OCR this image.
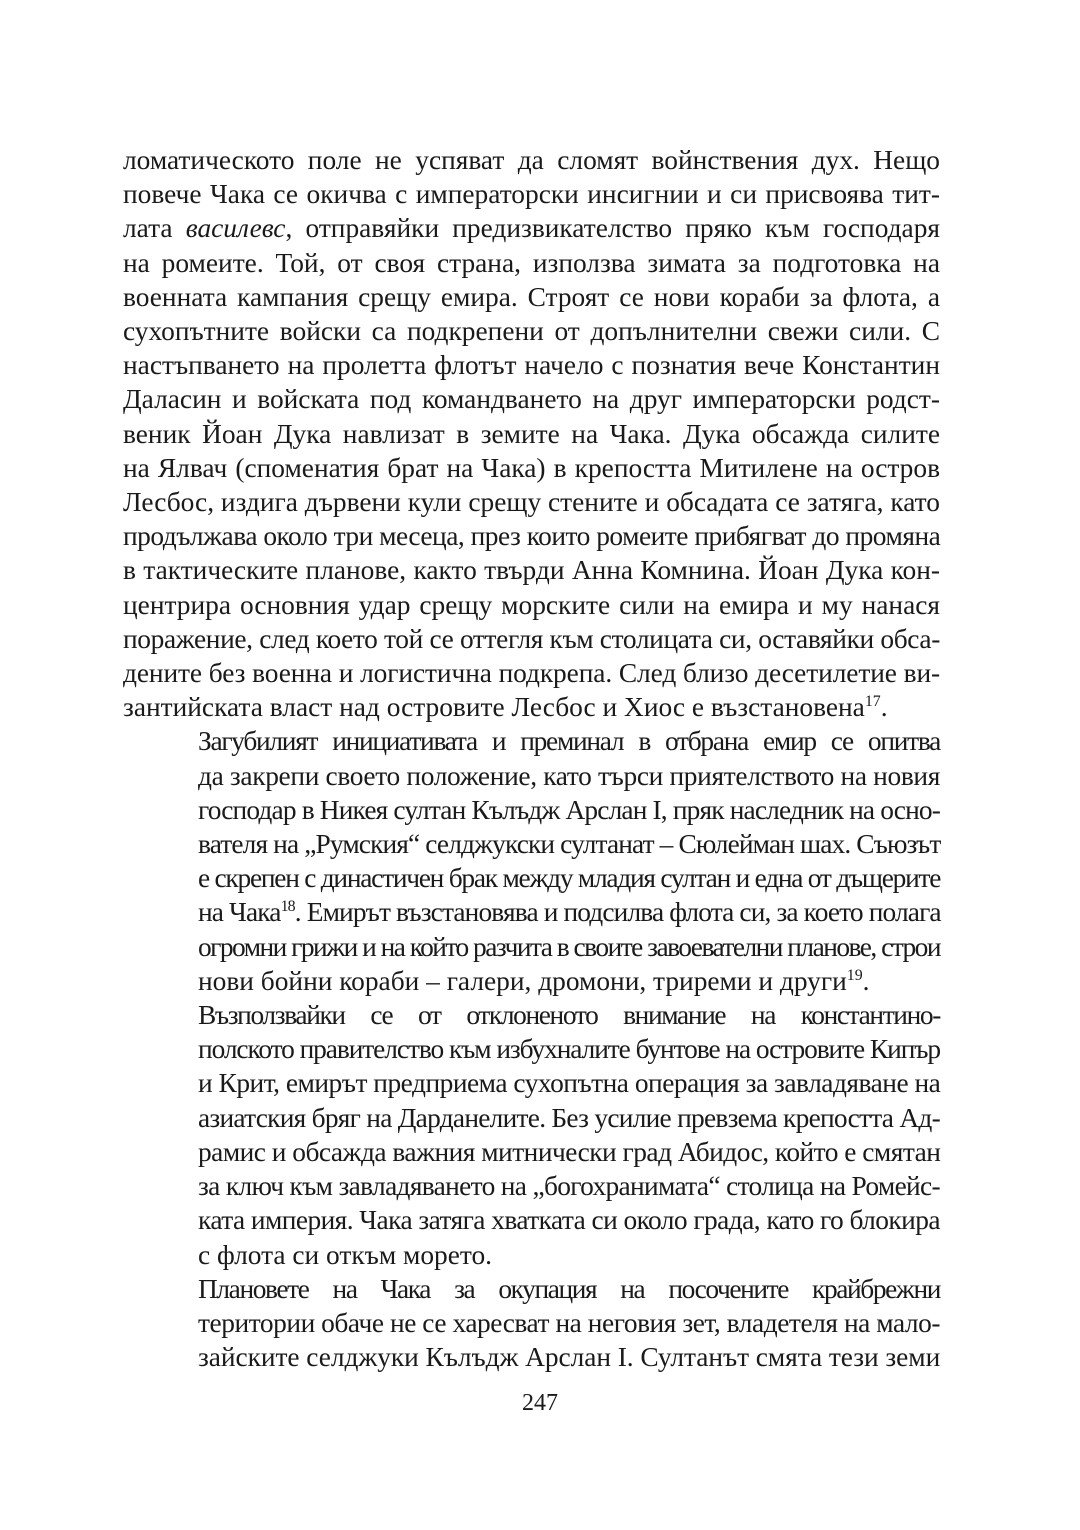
ломатическото поле не успяват да сломят войнствения дух. Нещо
повече Чака се окичва с императорски инсигнии и си присвоява тит-
лата василевс, отправяйки предизвикателство пряко към господаря
на ромеите. Той, от своя страна, използва зимата за подготовка на
военната кампания срещу емира. Строят се нови кораби за флота, а
сухопътните войски са подкрепени от допълнителни свежи сили. С
настъпването на пролетта флотът начело с познатия вече Константин
Даласин и войската под командването на друг императорски родст-
веник Йоан Дука навлизат в земите на Чака. Дука обсажда силите
на Ялвач (споменатия брат на Чака) в крепостта Митилене на остров
Лесбос, издига дървени кули срещу стените и обсадата се затяга, като
продължава около три месеца, през които ромеите прибягват до промяна
в тактическите планове, както твърди Анна Комнина. Йоан Дука кон-
центрира основния удар срещу морските сили на емира и му нанася
поражение, след което той се оттегля към столицата си, оставяйки обса-
дените без военна и логистична подкрепа. След близо десетилетие ви-
зантийската власт над островите Лесбос и Хиос е възстановена$^{17}$.
Загубилият инициативата и преминал в отбрана емир се опитва
да закрепи своето положение, като търси приятелството на новия
господар в Никея султан Кълъдж Арслан I, пряк наследник на осно-
вателя на „Румския“ селджукски султанат – Сюлейман шах. Съюзът
е скрепен с династичен брак между младия султан и една от дъщерите
на Чака$^{18}$. Емирът възстановява и подсилва флота си, за което полага
огромни грижи и на който разчита в своите завоевателни планове, строи
нови бойни кораби – галери, дромони, триреми и други$^{19}$.
Възползвайки се от отклоненото внимание на константино-
полското правителство към избухналите бунтове на островите Кипър
и Крит, емирът предприема сухопътна операция за завладяване на
азиатския бряг на Дарданелите. Без усилие превзема крепостта Ад-
рамис и обсажда важния митнически град Абидос, който е смятан
за ключ към завладяването на „богохранимата“ столица на Ромейс-
ката империя. Чака затяга хватката си около града, като го блокира
с флота си откъм морето.
Плановете на Чака за окупация на посочените крайбрежни
територии обаче не се харесват на неговия зет, владетеля на мало-
зайските селджуки Кълъдж Арслан I. Султанът смята тези земи
247
